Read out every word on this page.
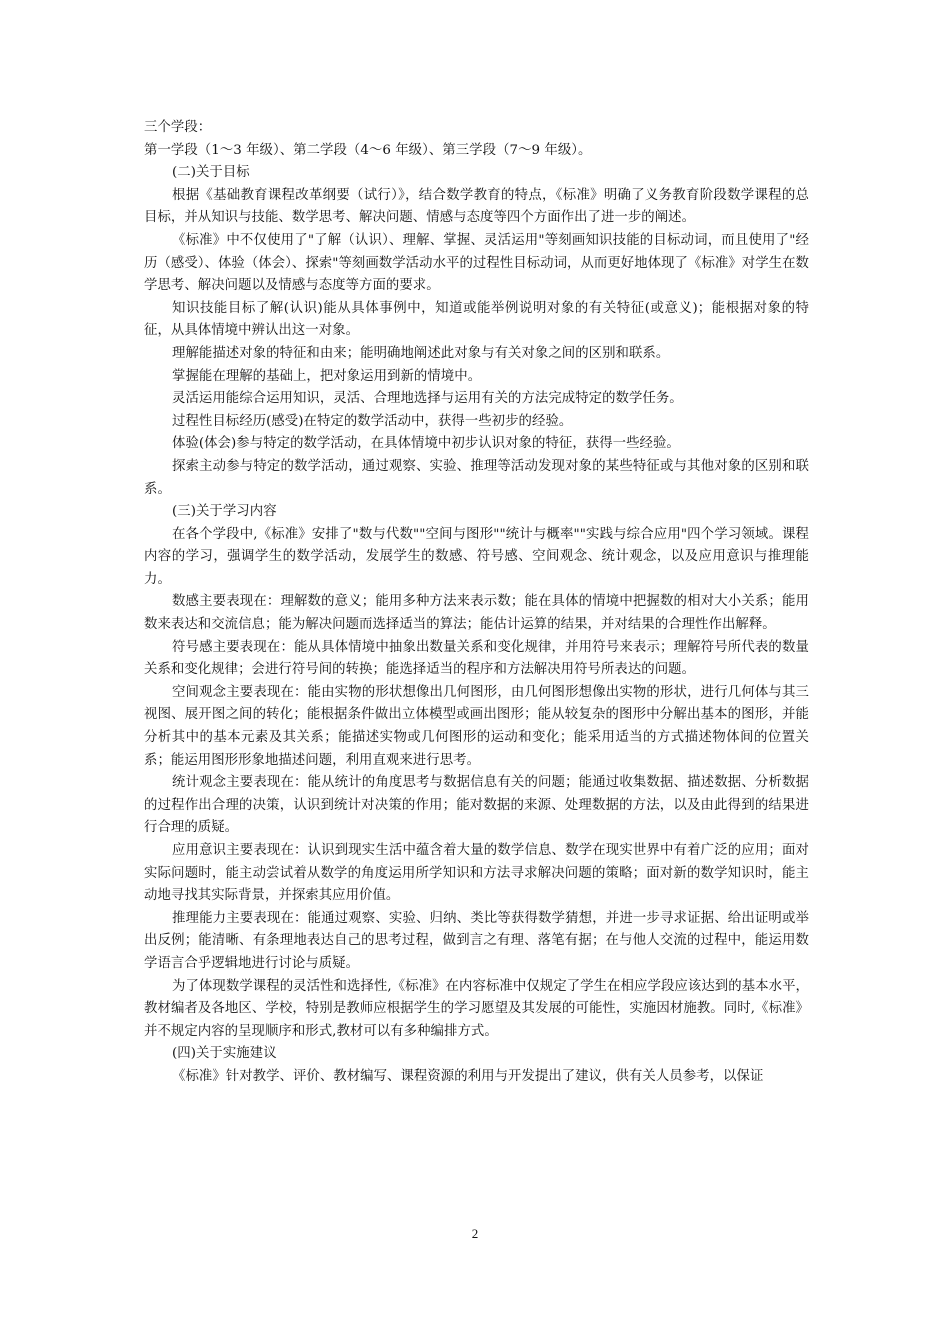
三个学段：

第一学段（1～3 年级）、第二学段（4～6 年级）、第三学段（7～9 年级）。

(二)关于目标

根据《基础教育课程改革纲要（试行）》，结合数学教育的特点，《标准》明确了义务教育阶段数学课程的总目标，并从知识与技能、数学思考、解决问题、情感与态度等四个方面作出了进一步的阐述。

《标准》中不仅使用了"了解（认识）、理解、掌握、灵活运用"等刻画知识技能的目标动词，而且使用了"经历（感受）、体验（体会）、探索"等刻画数学活动水平的过程性目标动词，从而更好地体现了《标准》对学生在数学思考、解决问题以及情感与态度等方面的要求。

知识技能目标了解(认识)能从具体事例中，知道或能举例说明对象的有关特征(或意义)；能根据对象的特征，从具体情境中辨认出这一对象。

理解能描述对象的特征和由来；能明确地阐述此对象与有关对象之间的区别和联系。

掌握能在理解的基础上，把对象运用到新的情境中。

灵活运用能综合运用知识，灵活、合理地选择与运用有关的方法完成特定的数学任务。

过程性目标经历(感受)在特定的数学活动中，获得一些初步的经验。

体验(体会)参与特定的数学活动，在具体情境中初步认识对象的特征，获得一些经验。

探索主动参与特定的数学活动，通过观察、实验、推理等活动发现对象的某些特征或与其他对象的区别和联系。

(三)关于学习内容

在各个学段中,《标准》安排了"数与代数""空间与图形""统计与概率""实践与综合应用"四个学习领域。课程内容的学习，强调学生的数学活动，发展学生的数感、符号感、空间观念、统计观念，以及应用意识与推理能力。

数感主要表现在：理解数的意义；能用多种方法来表示数；能在具体的情境中把握数的相对大小关系；能用数来表达和交流信息；能为解决问题而选择适当的算法；能估计运算的结果，并对结果的合理性作出解释。

符号感主要表现在：能从具体情境中抽象出数量关系和变化规律，并用符号来表示；理解符号所代表的数量关系和变化规律；会进行符号间的转换；能选择适当的程序和方法解决用符号所表达的问题。

空间观念主要表现在：能由实物的形状想像出几何图形，由几何图形想像出实物的形状，进行几何体与其三视图、展开图之间的转化；能根据条件做出立体模型或画出图形；能从较复杂的图形中分解出基本的图形，并能分析其中的基本元素及其关系；能描述实物或几何图形的运动和变化；能采用适当的方式描述物体间的位置关系；能运用图形形象地描述问题，利用直观来进行思考。

统计观念主要表现在：能从统计的角度思考与数据信息有关的问题；能通过收集数据、描述数据、分析数据的过程作出合理的决策，认识到统计对决策的作用；能对数据的来源、处理数据的方法，以及由此得到的结果进行合理的质疑。

应用意识主要表现在：认识到现实生活中蕴含着大量的数学信息、数学在现实世界中有着广泛的应用；面对实际问题时，能主动尝试着从数学的角度运用所学知识和方法寻求解决问题的策略；面对新的数学知识时，能主动地寻找其实际背景，并探索其应用价值。

推理能力主要表现在：能通过观察、实验、归纳、类比等获得数学猜想，并进一步寻求证据、给出证明或举出反例；能清晰、有条理地表达自己的思考过程，做到言之有理、落笔有据；在与他人交流的过程中，能运用数学语言合乎逻辑地进行讨论与质疑。

为了体现数学课程的灵活性和选择性,《标准》在内容标准中仅规定了学生在相应学段应该达到的基本水平，教材编者及各地区、学校，特别是教师应根据学生的学习愿望及其发展的可能性，实施因材施教。同时,《标准》并不规定内容的呈现顺序和形式,教材可以有多种编排方式。

(四)关于实施建议

《标准》针对教学、评价、教材编写、课程资源的利用与开发提出了建议，供有关人员参考，以保证

2
